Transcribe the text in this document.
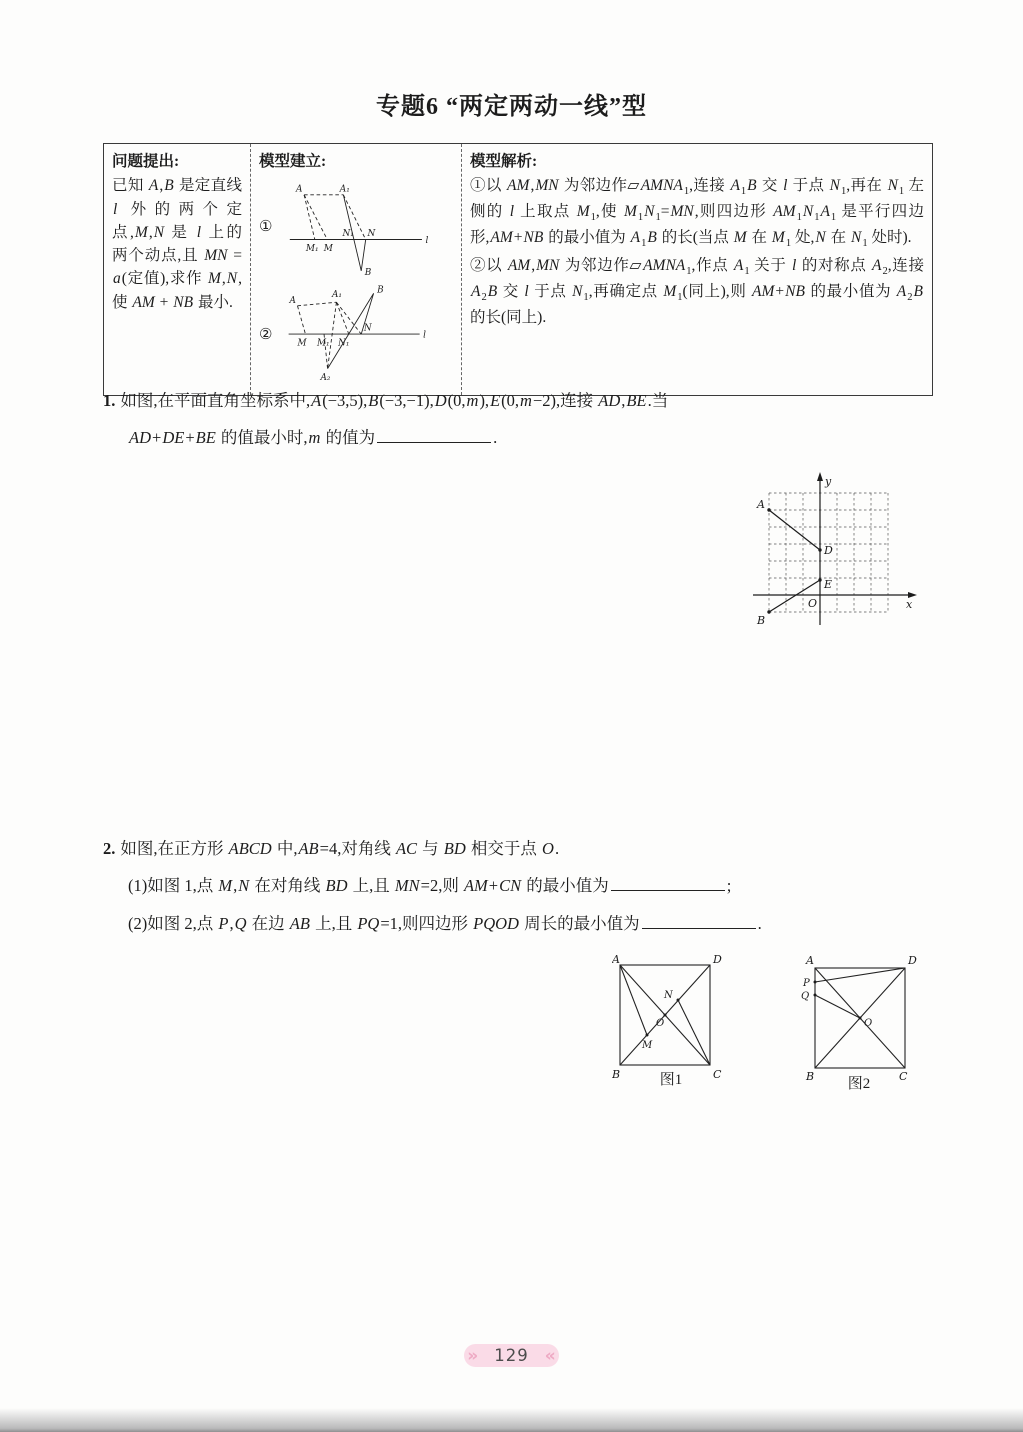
专题6 “两定两动一线”型
问题提出:
已知 A,B 是定直线 l 外的两个定点,M,N 是 l 上的两个动点,且 MN = a(定值),求作 M,N,使 AM + NB 最小.
模型建立:
①
A	A₁
M₁ M
N₁ N
B
l
②
A
A₁	B
M M₁ N₁
N
A₂
l
模型解析:

①以 AM,MN 为邻边作$▱AMNA_1$,连接 $A_1B$ 交 l 于点 $N_1$,再在 $N_1$ 左侧的 l 上取点 $M_1$,使 $M_1N_1=MN$,则四边形 $AM_1N_1A_1$ 是平行四边形,AM+NB 的最小值为 $A_1B$ 的长(当点 M 在 $M_1$ 处,N 在 $N_1$ 处时).

②以 AM,MN 为邻边作$▱AMNA_1$,作点 $A_1$ 关于 l 的对称点 $A_2$,连接 $A_2B$ 交 l 于点 $N_1$,再确定点 $M_1$(同上),则 AM+NB 的最小值为 $A_2B$ 的长(同上).

1. 如图,在平面直角坐标系中,A(−3,5),B(−3,−1),D(0,m),E(0,m−2),连接 AD,BE.当
AD+DE+BE 的值最小时,m 的值为	.
y
x
O
A
D
E
B
2. 如图,在正方形 ABCD 中,AB=4,对角线 AC 与 BD 相交于点 O.
(1)如图 1,点 M,N 在对角线 BD 上,且 MN=2,则 AM+CN 的最小值为	;
(2)如图 2,点 P,Q 在边 AB 上,且 PQ=1,则四边形 PQOD 周长的最小值为	.
A	D
B	C
N
O
M
图1
A
P
Q
D
B	C
O
图2
» 129 «
